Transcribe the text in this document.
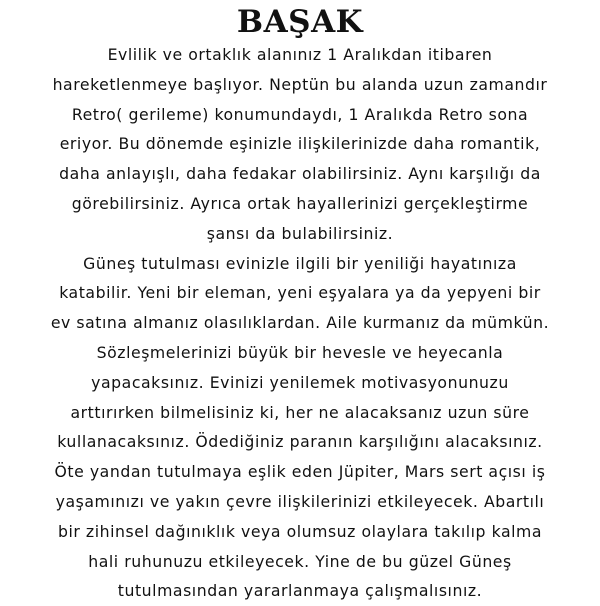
BAŞAK
Evlilik ve ortaklık alanınız 1 Aralıkdan itibaren
hareketlenmeye başlıyor. Neptün bu alanda uzun zamandır
Retro( gerileme) konumundaydı, 1 Aralıkda Retro sona
eriyor. Bu dönemde eşinizle ilişkilerinizde daha romantik,
daha anlayışlı, daha fedakar olabilirsiniz. Aynı karşılığı da
görebilirsiniz. Ayrıca ortak hayallerinizi gerçekleştirme
şansı da bulabilirsiniz.
Güneş tutulması evinizle ilgili bir yeniliği hayatınıza
katabilir. Yeni bir eleman, yeni eşyalara ya da yepyeni bir
ev satına almanız olasılıklardan. Aile kurmanız da mümkün.
Sözleşmelerinizi büyük bir hevesle ve heyecanla
yapacaksınız. Evinizi yenilemek motivasyonunuzu
arttırırken bilmelisiniz ki, her ne alacaksanız uzun süre
kullanacaksınız. Ödediğiniz paranın karşılığını alacaksınız.
Öte yandan tutulmaya eşlik eden Jüpiter, Mars sert açısı iş
yaşamınızı ve yakın çevre ilişkilerinizi etkileyecek. Abartılı
bir zihinsel dağınıklık veya olumsuz olaylara takılıp kalma
hali ruhunuzu etkileyecek. Yine de bu güzel Güneş
tutulmasından yararlanmaya çalışmalısınız.
